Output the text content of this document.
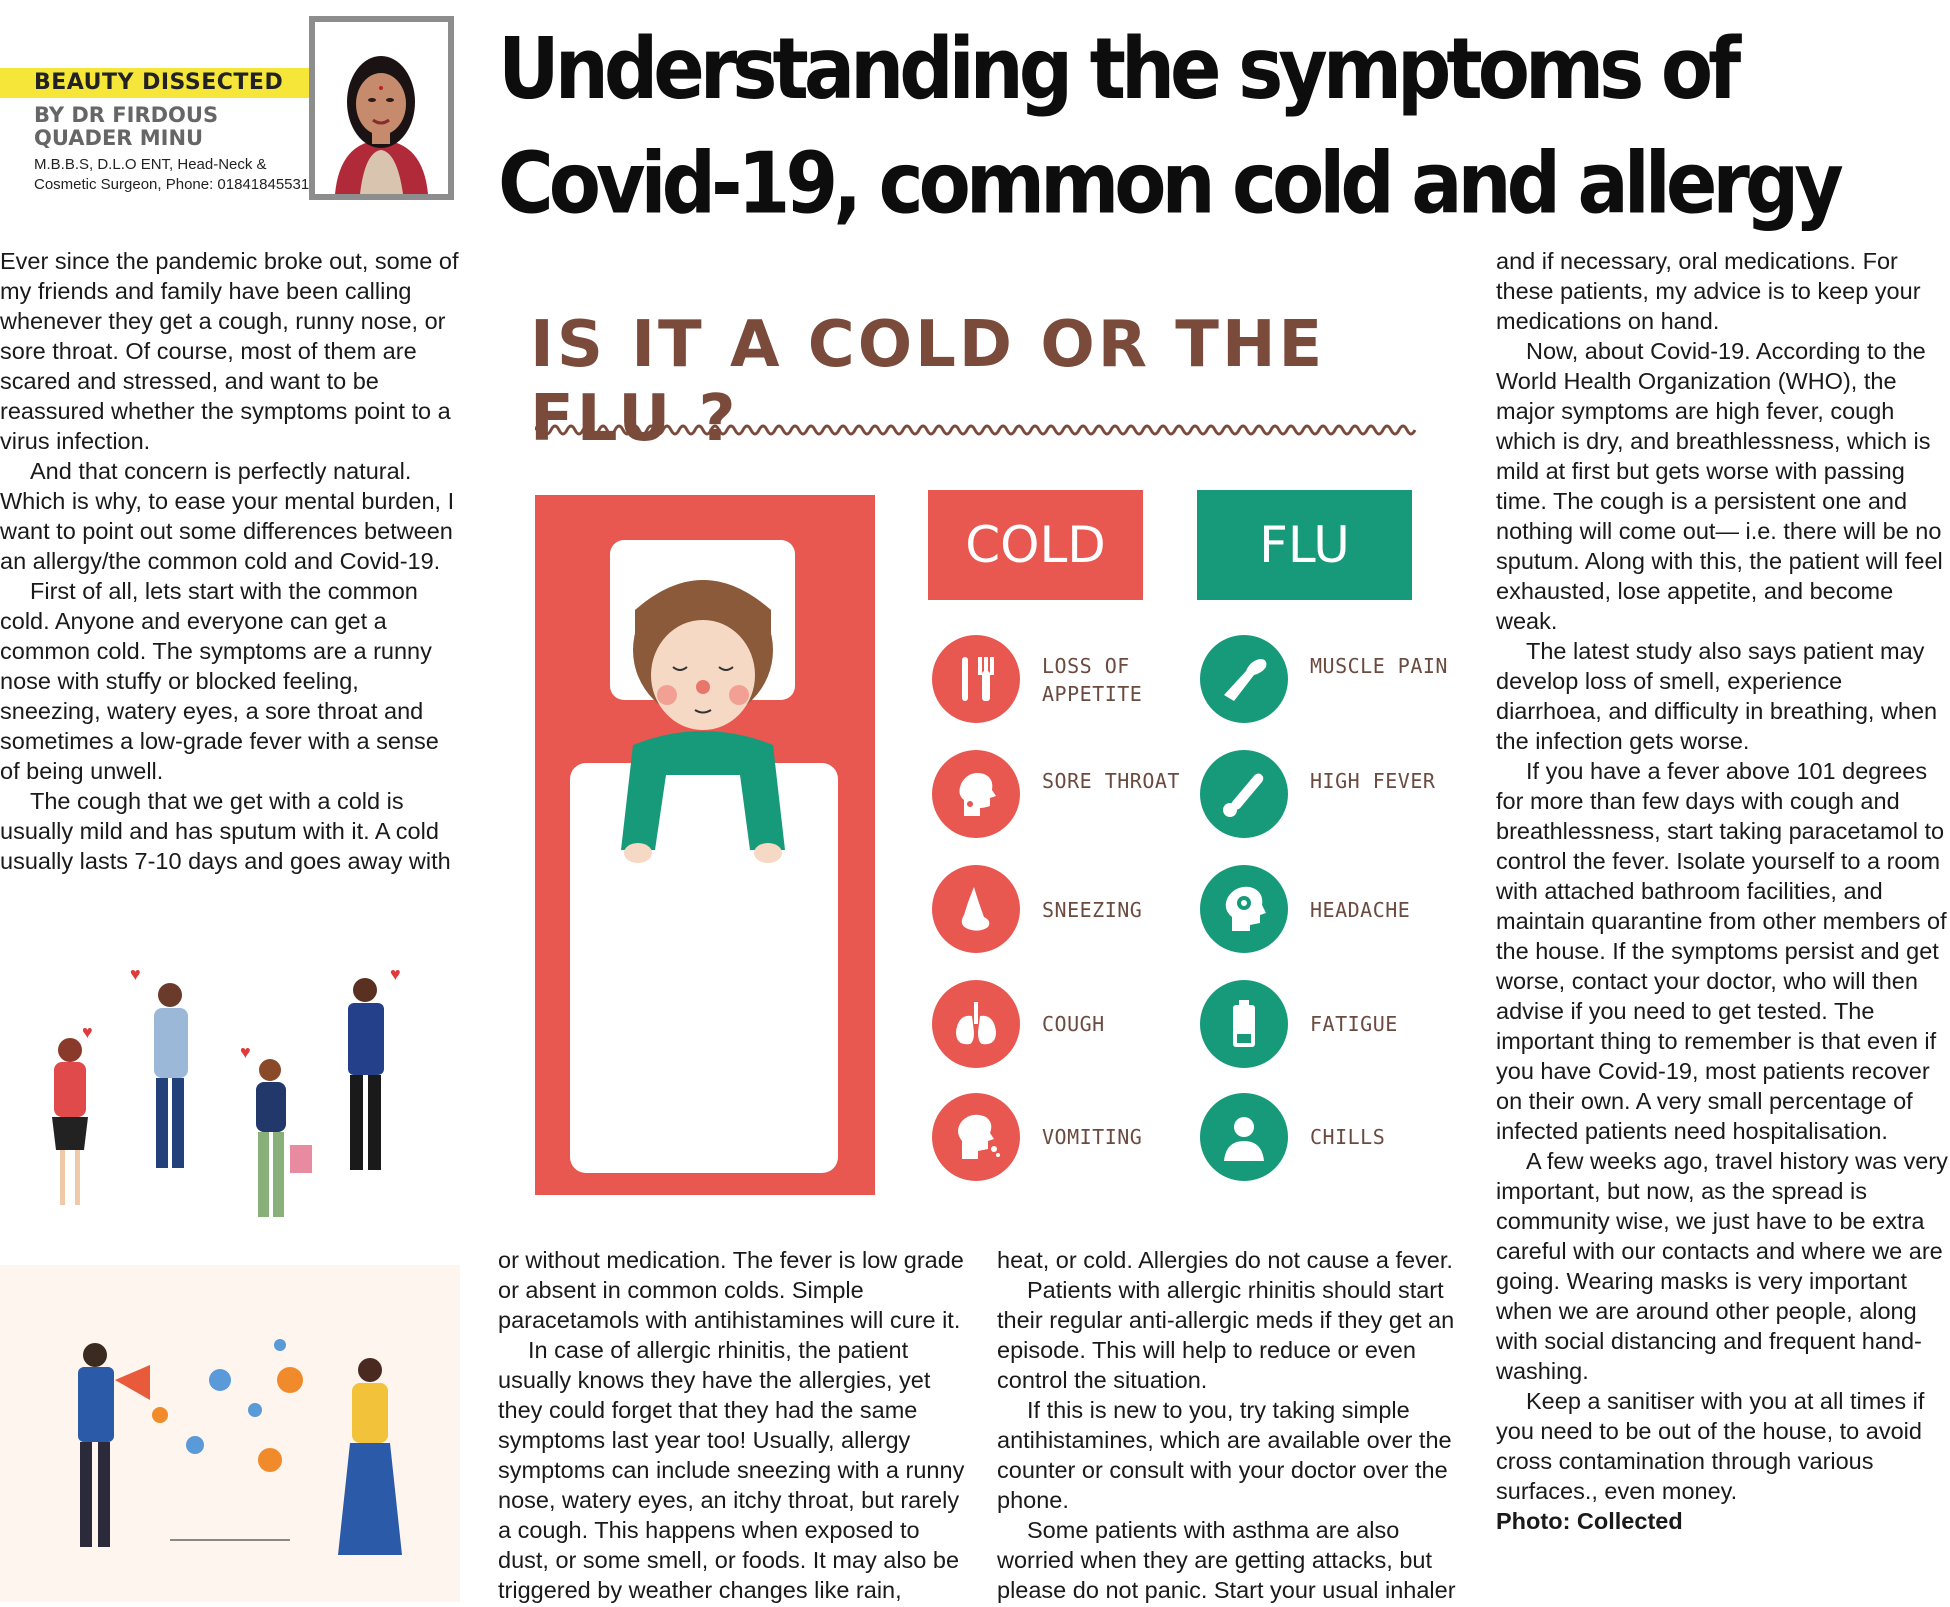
BEAUTY DISSECTED
BY DR FIRDOUS QUADER MINU
M.B.B.S, D.L.O ENT, Head-Neck & Cosmetic Surgeon, Phone: 01841845531
Understanding the symptoms of Covid-19, common cold and allergy

Ever since the pandemic broke out, some of my friends and family have been calling whenever they get a cough, runny nose, or sore throat. Of course, most of them are scared and stressed, and want to be reassured whether the symptoms point to a virus infection.

And that concern is perfectly natural. Which is why, to ease your mental burden, I want to point out some differences between an allergy/the common cold and Covid-19.

First of all, lets start with the common cold. Anyone and everyone can get a common cold. The symptoms are a runny nose with stuffy or blocked feeling, sneezing, watery eyes, a sore throat and sometimes a low-grade fever with a sense of being unwell.

The cough that we get with a cold is usually mild and has sputum with it. A cold usually lasts 7-10 days and goes away with

♥
♥
♥
♥
IS IT A COLD OR THE FLU ?
COLD	FLU
LOSS OF APPETITE
SORE THROAT
SNEEZING
COUGH
VOMITING
MUSCLE PAIN
HIGH FEVER
HEADACHE
FATIGUE
CHILLS

or without medication. The fever is low grade or absent in common colds. Simple paracetamols with antihistamines will cure it.

In case of allergic rhinitis, the patient usually knows they have the allergies, yet they could forget that they had the same symptoms last year too! Usually, allergy symptoms can include sneezing with a runny nose, watery eyes, an itchy throat, but rarely a cough. This happens when exposed to dust, or some smell, or foods. It may also be triggered by weather changes like rain,

heat, or cold. Allergies do not cause a fever.

Patients with allergic rhinitis should start their regular anti-allergic meds if they get an episode. This will help to reduce or even control the situation.

If this is new to you, try taking simple antihistamines, which are available over the counter or consult with your doctor over the phone.

Some patients with asthma are also worried when they are getting attacks, but please do not panic. Start your usual inhaler

and if necessary, oral medications. For these patients, my advice is to keep your medications on hand.

Now, about Covid-19. According to the World Health Organization (WHO), the major symptoms are high fever, cough which is dry, and breathlessness, which is mild at first but gets worse with passing time. The cough is a persistent one and nothing will come out— i.e. there will be no sputum. Along with this, the patient will feel exhausted, lose appetite, and become weak.

The latest study also says patient may develop loss of smell, experience diarrhoea, and difficulty in breathing, when the infection gets worse.

If you have a fever above 101 degrees for more than few days with cough and breathlessness, start taking paracetamol to control the fever. Isolate yourself to a room with attached bathroom facilities, and maintain quarantine from other members of the house. If the symptoms persist and get worse, contact your doctor, who will then advise if you need to get tested. The important thing to remember is that even if you have Covid-19, most patients recover on their own. A very small percentage of infected patients need hospitalisation.

A few weeks ago, travel history was very important, but now, as the spread is community wise, we just have to be extra careful with our contacts and where we are going. Wearing masks is very important when we are around other people, along with social distancing and frequent hand-washing.

Keep a sanitiser with you at all times if you need to be out of the house, to avoid cross contamination through various surfaces., even money.

Photo: Collected
